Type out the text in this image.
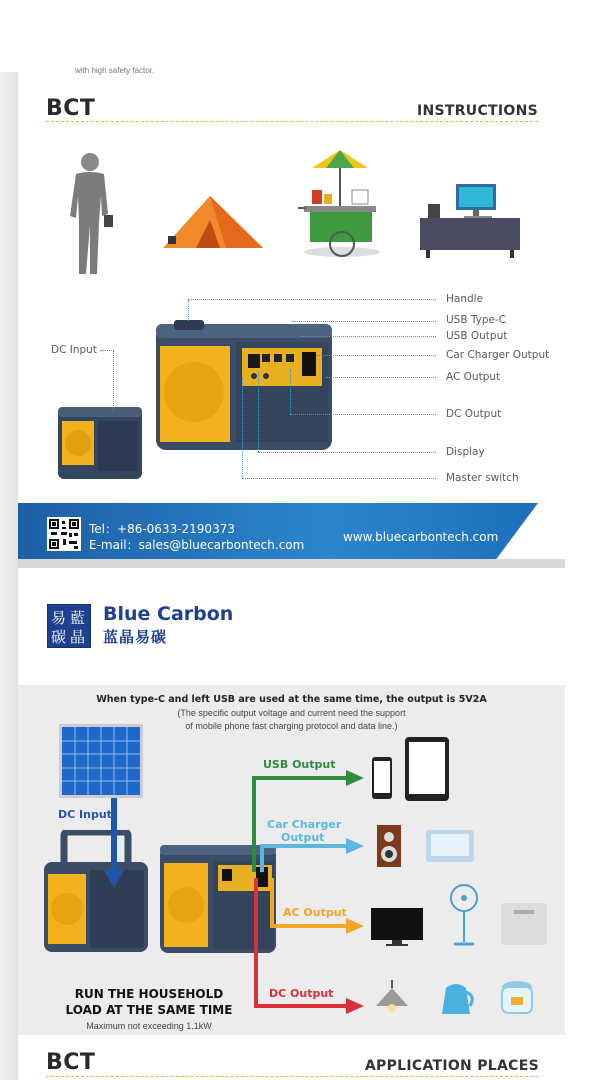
with high safety factor.
BCT	INSTRUCTIONS
DC Input
Handle
USB Type-C
USB Output
Car Charger Output
AC Output
DC Output
Display
Master switch
Tel：+86-0633-2190373
E-mail：sales@bluecarbontech.com
www.bluecarbontech.com
易 藍
碳 晶
Blue Carbon
蓝晶易碳
When type-C and left USB are used at the same time, the output is 5V2A
(The specific output voltage and current need the support
of mobile phone fast charging protocol and data line.)
DC Input
USB Output
Car Charger
Output
AC Output
DC Output
RUN THE HOUSEHOLD
LOAD AT THE SAME TIME
Maximum not exceeding 1.1kW
BCT	APPLICATION PLACES
